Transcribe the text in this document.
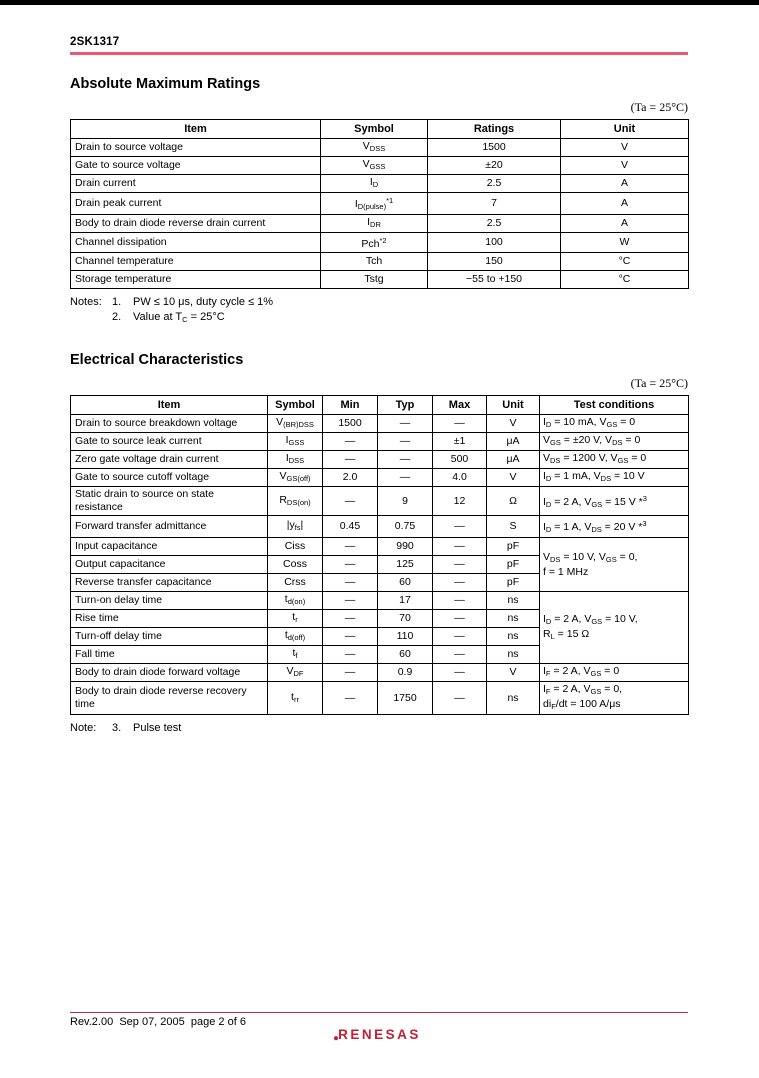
2SK1317
Absolute Maximum Ratings
(Ta = 25°C)
Item	Symbol	Ratings	Unit
Drain to source voltage	$V_{DSS}$	1500	V
Gate to source voltage	$V_{GSS}$	±20	V
Drain current	$I_D$	2.5	A
Drain peak current	$I_{D(pulse)}^{*1}$	7	A
Body to drain diode reverse drain current	$I_{DR}$	2.5	A
Channel dissipation	Pch$^{*2}$	100	W
Channel temperature	Tch	150	°C
Storage temperature	Tstg	−55 to +150	°C
Notes: 1.	PW ≤ 10 μs, duty cycle ≤ 1%
2.	Value at $T_C = 25^\circ C$
Electrical Characteristics
(Ta = 25°C)
Item	Symbol	Min	Typ	Max	Unit	Test conditions
Drain to source breakdown voltage	$V_{(BR)DSS}$	1500	—	—	V	$I_D = 10$ mA, $V_{GS} = 0$
Gate to source leak current	$I_{GSS}$	—	—	±1	μA	$V_{GS} = \pm 20$ V, $V_{DS} = 0$
Zero gate voltage drain current	$I_{DSS}$	—	—	500	μA	$V_{DS} = 1200$ V, $V_{GS} = 0$
Gate to source cutoff voltage	$V_{GS(off)}$	2.0	—	4.0	V	$I_D = 1$ mA, $V_{DS} = 10$ V
Static drain to source on state resistance	$R_{DS(on)}$	—	9	12	Ω	$I_D = 2$ A, $V_{GS} = 15$ V *$^3$
Forward transfer admittance	$|y_{fs}|$	0.45	0.75	—	S	$I_D = 1$ A, $V_{DS} = 20$ V *$^3$
Input capacitance	Ciss	—	990	—	pF	$V_{DS} = 10$ V, $V_{GS} = 0$,
f = 1 MHz
Output capacitance	Coss	—	125	—	pF	
Reverse transfer capacitance	Crss	—	60	—	pF	
Turn-on delay time	$t_{d(on)}$	—	17	—	ns	$I_D = 2$ A, $V_{GS} = 10$ V,
$R_L = 15$ Ω
Rise time	$t_r$	—	70	—	ns	
Turn-off delay time	$t_{d(off)}$	—	110	—	ns	
Fall time	$t_f$	—	60	—	ns	
Body to drain diode forward voltage	$V_{DF}$	—	0.9	—	V	$I_F = 2$ A, $V_{GS} = 0$
Body to drain diode reverse recovery time	$t_{rr}$	—	1750	—	ns	$I_F = 2$ A, $V_{GS} = 0$,
$di_F/dt = 100$ A/μs
Note:	3.	Pulse test
Rev.2.00  Sep 07, 2005  page 2 of 6
RENESAS
